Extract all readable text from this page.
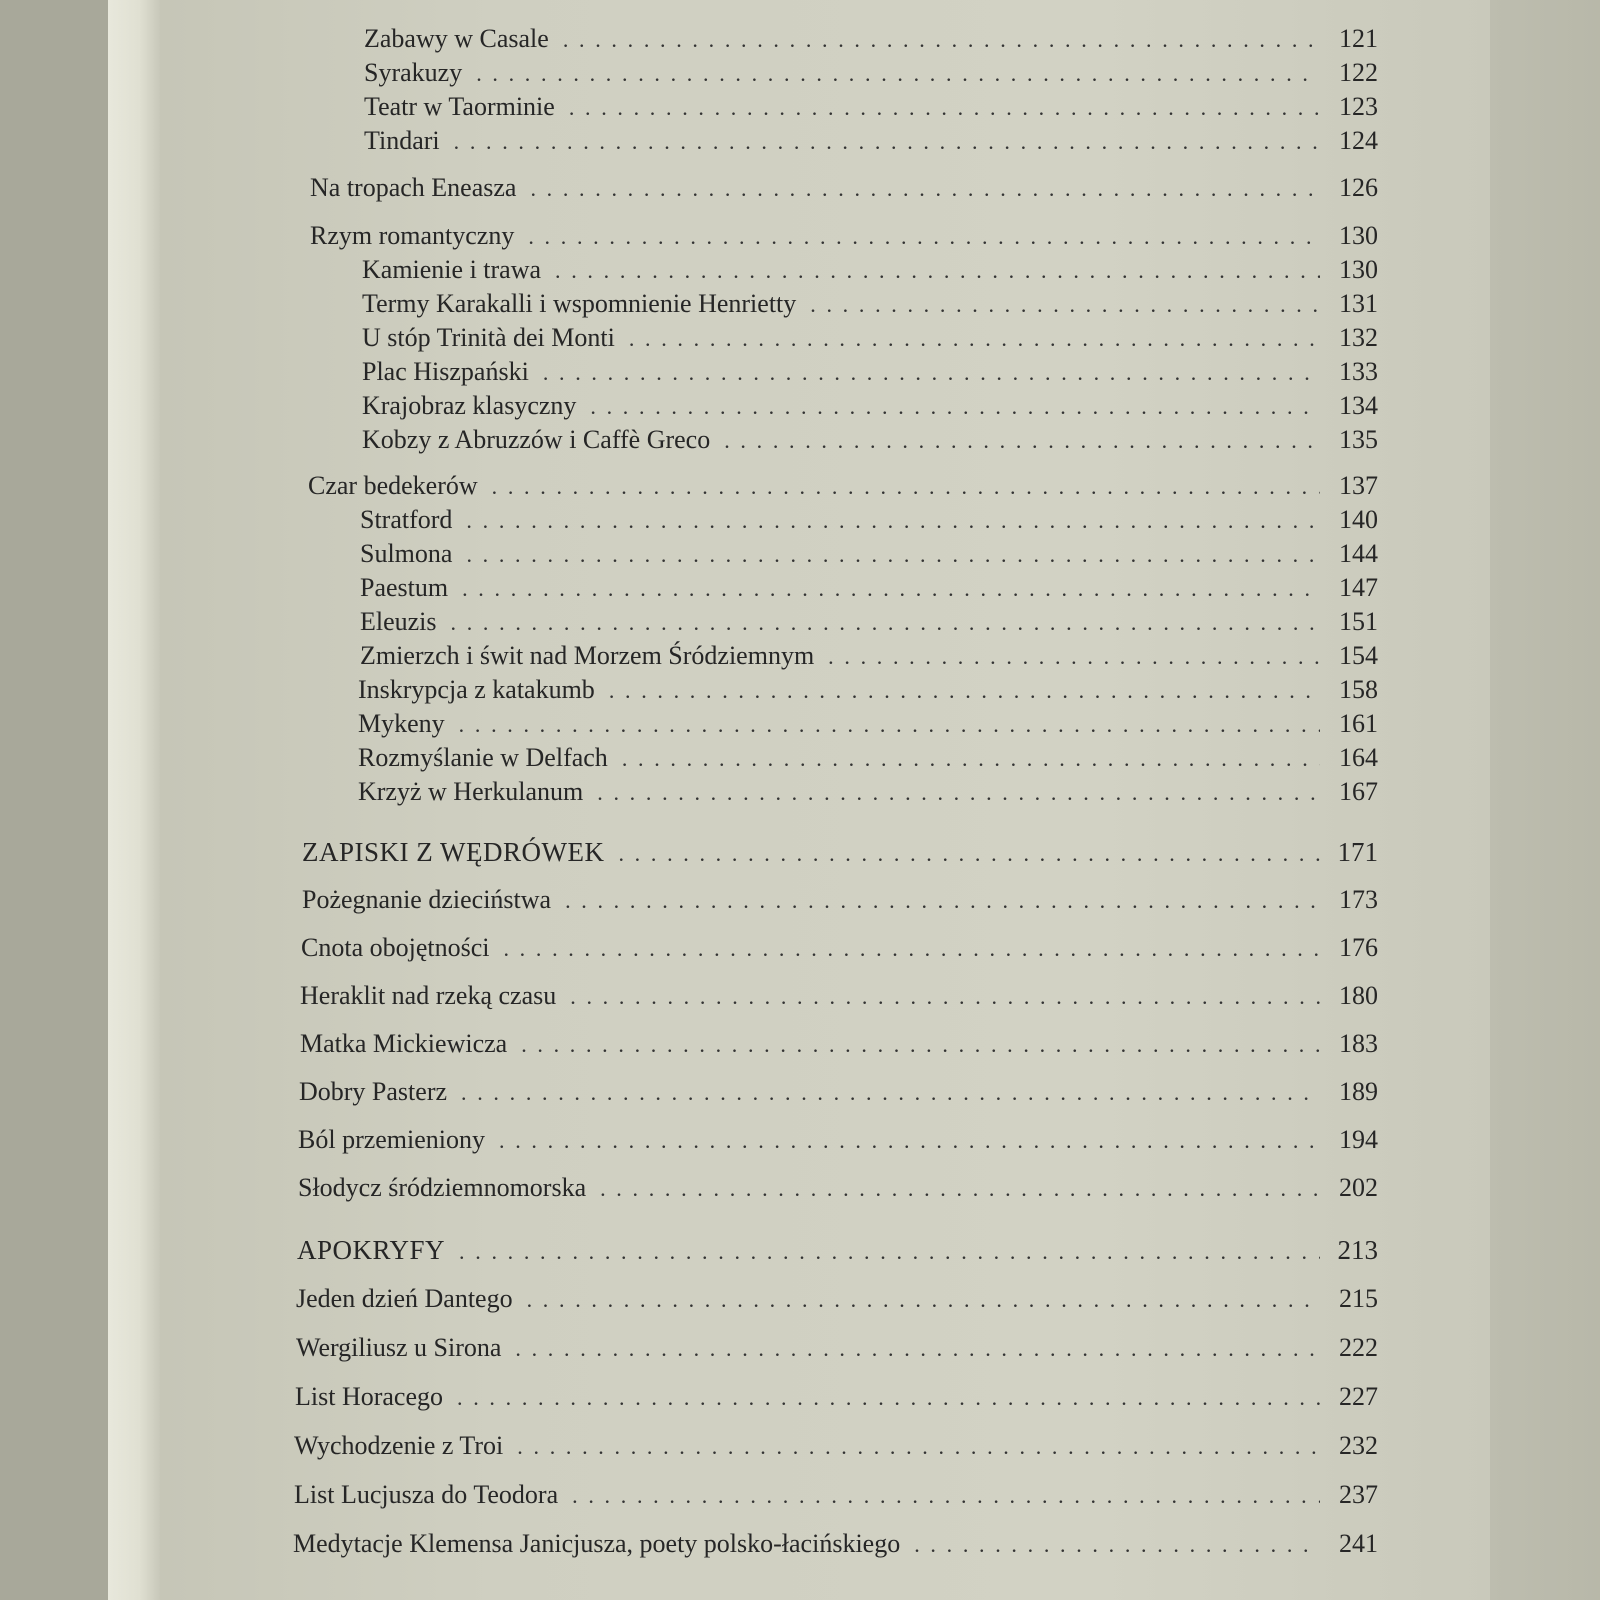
Zabawy w Casale . . .	121
Syrakuzy . . .	122
Teatr w Taorminie . . .	123
Tindari . . .	124
Na tropach Eneasza . . .	126
Rzym romantyczny . . .	130
Kamienie i trawa . . .	130
Termy Karakalli i wspomnienie Henrietty . . .	131
U stóp Trinità dei Monti . . .	132
Plac Hiszpański . . .	133
Krajobraz klasyczny . . .	134
Kobzy z Abruzzów i Caffè Greco . . .	135
Czar bedekerów . . .	137
Stratford . . .	140
Sulmona . . .	144
Paestum . . .	147
Eleuzis . . .	151
Zmierzch i świt nad Morzem Śródziemnym . . .	154
Inskrypcja z katakumb . . .	158
Mykeny . . .	161
Rozmyślanie w Delfach . . .	164
Krzyż w Herkulanum . . .	167
ZAPISKI Z WĘDRÓWEK . . .	171
Pożegnanie dzieciństwa . . .	173
Cnota obojętności . . .	176
Heraklit nad rzeką czasu . . .	180
Matka Mickiewicza . . .	183
Dobry Pasterz . . .	189
Ból przemieniony . . .	194
Słodycz śródziemnomorska . . .	202
APOKRYFY . . .	213
Jeden dzień Dantego . . .	215
Wergiliusz u Sirona . . .	222
List Horacego . . .	227
Wychodzenie z Troi . . .	232
List Lucjusza do Teodora . . .	237
Medytacje Klemensa Janicjusza, poety polsko-łacińskiego . . .	241
